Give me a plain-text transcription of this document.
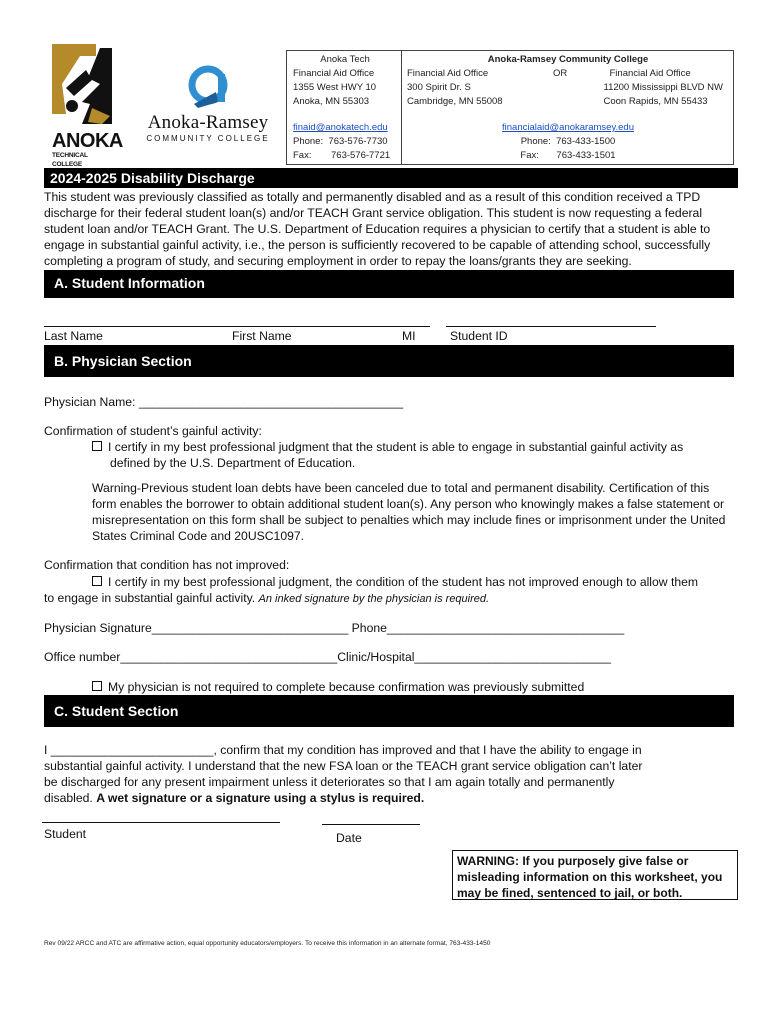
ANOKA
TECHNICAL COLLEGE
Anoka-Ramsey
COMMUNITY COLLEGE
Anoka Tech
Financial Aid Office
1355 West HWY 10
Anoka, MN 55303
finaid@anokatech.edu
Phone: 763-576-7730
Fax: 763-576-7721
Anoka-Ramsey Community College
Financial Aid Office
300 Spirit Dr. S
Cambridge, MN 55008
OR	Financial Aid Office
11200 Mississippi BLVD NW
Coon Rapids, MN 55433
financialaid@anokaramsey.edu
Phone: 763-433-1500
Fax: 763-433-1501
2024-2025 Disability Discharge
This student was previously classified as totally and permanently disabled and as a result of this condition received a TPD discharge for their federal student loan(s) and/or TEACH Grant service obligation. This student is now requesting a federal student loan and/or TEACH Grant. The U.S. Department of Education requires a physician to certify that a student is able to engage in substantial gainful activity, i.e., the person is sufficiently recovered to be capable of attending school, successfully completing a program of study, and securing employment in order to repay the loans/grants they are seeking.
A. Student Information
Last Name	First Name	MI	Student ID
B. Physician Section
Physician Name: _______________________________________
Confirmation of student’s gainful activity:
I certify in my best professional judgment that the student is able to engage in substantial gainful activity as
defined by the U.S. Department of Education.
Warning-Previous student loan debts have been canceled due to total and permanent disability. Certification of this form enables the borrower to obtain additional student loan(s). Any person who knowingly makes a false statement or misrepresentation on this form shall be subject to penalties which may include fines or imprisonment under the United States Criminal Code and 20USC1097.
Confirmation that condition has not improved:
I certify in my best professional judgment, the condition of the student has not improved enough to allow them
to engage in substantial gainful activity. An inked signature by the physician is required.
Physician Signature_____________________________ Phone___________________________________
Office number________________________________Clinic/Hospital_____________________________
My physician is not required to complete because confirmation was previously submitted
C. Student Section
I ________________________, confirm that my condition has improved and that I have the ability to engage in
substantial gainful activity. I understand that the new FSA loan or the TEACH grant service obligation can’t later
be discharged for any present impairment unless it deteriorates so that I am again totally and permanently
disabled. A wet signature or a signature using a stylus is required.
Student	Date
WARNING: If you purposely give false or misleading information on this worksheet, you may be fined, sentenced to jail, or both.
Rev 09/22 ARCC and ATC are affirmative action, equal opportunity educators/employers. To receive this information in an alternate format, 763-433-1450
